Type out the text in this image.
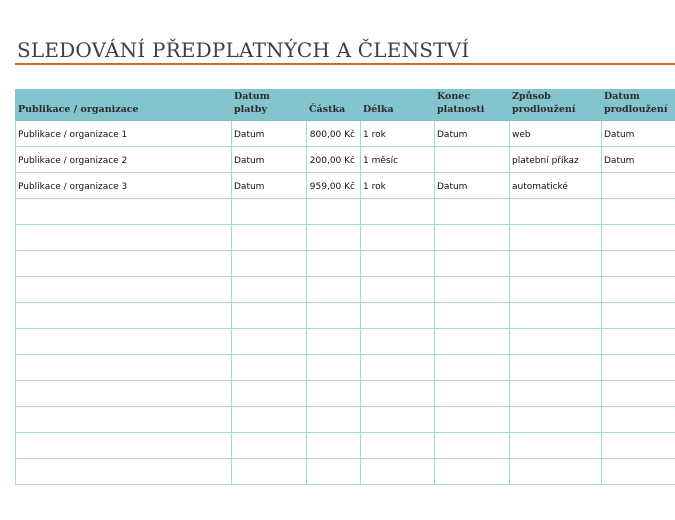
SLEDOVÁNÍ PŘEDPLATNÝCH A ČLENSTVÍ
Publikace / organizace	Datum platby	Částka	Délka	Konec platnosti	Způsob prodloužení	Datum prodloužení
Publikace / organizace 1	Datum	800,00 Kč	1 rok	Datum	web	Datum
Publikace / organizace 2	Datum	200,00 Kč	1 měsíc		platební příkaz	Datum
Publikace / organizace 3	Datum	959,00 Kč	1 rok	Datum	automatické	
